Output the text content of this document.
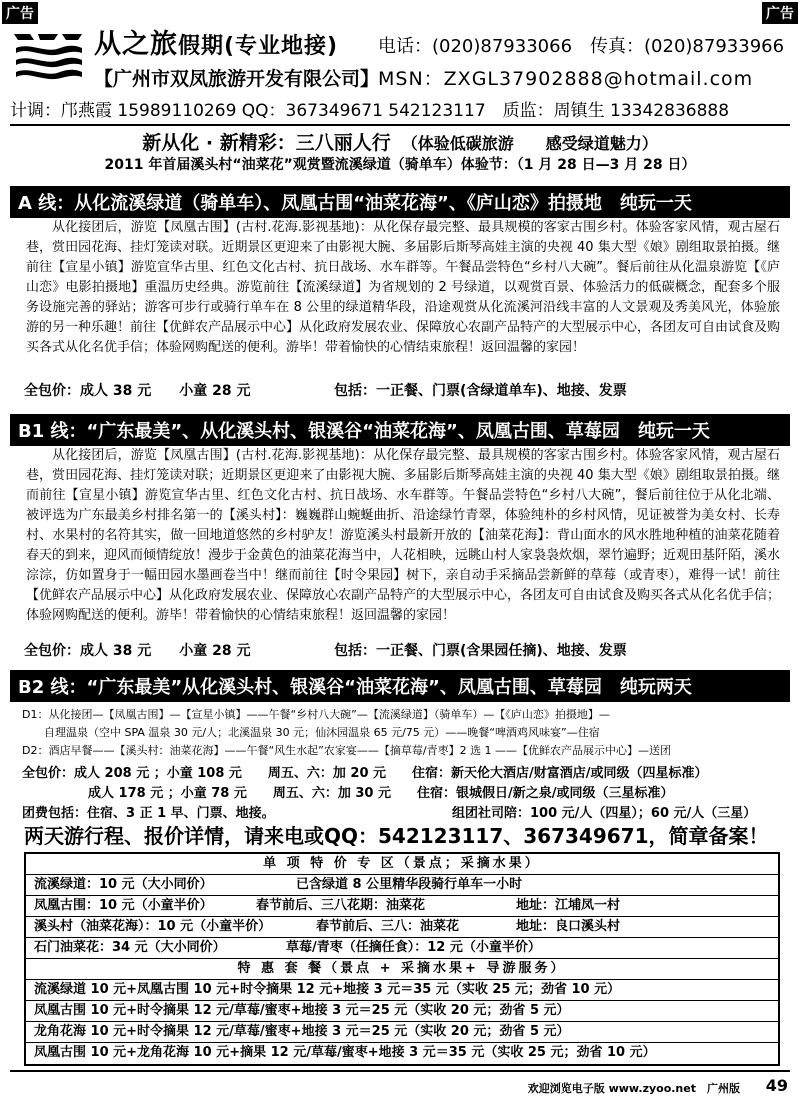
广告	广告
从之旅假期(专业地接) 电话：(020)87933066　 传真：(020)87933966
【广州市双凤旅游开发有限公司】
MSN：ZXGL37902888@hotmail.com
计调：邝燕霞 15989110269 QQ：367349671 542123117　 质监：周镇生 13342836888
新从化 · 新精彩：三八丽人行　 （体验低碳旅游　　感受绿道魅力）
2011 年首届溪头村“油菜花”观赏暨流溪绿道（骑单车）体验节：（1 月 28 日—3 月 28 日）
A 线：从化流溪绿道（骑单车）、凤凰古围“油菜花海”、《庐山恋》拍摄地　纯玩一天
从化接团后，游览【凤凰古围】(古村.花海.影视基地)：从化保存最完整、最具规模的客家古围乡村。体验客家风情，观古屋石巷，赏田园花海、挂灯笼读对联。近期景区更迎来了由影视大腕、多届影后斯琴高娃主演的央视 40 集大型《娘》剧组取景拍摄。继前往【宣星小镇】游览宣华古里、红色文化古村、抗日战场、水车群等。午餐品尝特色“乡村八大碗”。餐后前往从化温泉游览【《庐山恋》电影拍摄地】重温历史经典。游览前往【流溪绿道】为省规划的 2 号绿道，以观赏百景、体验活力的低碳概念，配套多个服务设施完善的驿站；游客可步行或骑行单车在 8 公里的绿道精华段，沿途观赏从化流溪河沿线丰富的人文景观及秀美风光，体验旅游的另一种乐趣！前往【优鲜农产品展示中心】从化政府发展农业、保障放心农副产品特产的大型展示中心，各团友可自由试食及购买各式从化名优手信；体验网购配送的便利。游毕！带着愉快的心情结束旅程！返回温馨的家园！
全包价：成人 38 元　　小童 28 元	包括：一正餐、门票(含绿道单车)、地接、发票
B1 线：“广东最美”、从化溪头村、银溪谷“油菜花海”、凤凰古围、草莓园　纯玩一天
从化接团后，游览【凤凰古围】(古村.花海.影视基地)：从化保存最完整、最具规模的客家古围乡村。体验客家风情，观古屋石巷，赏田园花海、挂灯笼读对联；近期景区更迎来了由影视大腕、多届影后斯琴高娃主演的央视 40 集大型《娘》剧组取景拍摄。继而前往【宣星小镇】游览宣华古里、红色文化古村、抗日战场、水车群等。午餐品尝特色“乡村八大碗”，餐后前往位于从化北端、被评选为广东最美乡村排名第一的【溪头村】：巍巍群山蜿蜒曲折、沿途绿竹青翠，体验纯朴的乡村风情，见证被誉为美女村、长寿村、水果村的名符其实，做一回地道悠然的乡村驴友！游览溪头村最新开放的【油菜花海】：背山面水的风水胜地种植的油菜花随着春天的到来，迎风而倾情绽放！漫步于金黄色的油菜花海当中，人花相映，远眺山村人家袅袅炊烟，翠竹遍野；近观田基阡陌，溪水淙淙，仿如置身于一幅田园水墨画卷当中！继而前往【时令果园】树下，亲自动手采摘品尝新鲜的草莓（或青枣），难得一试！前往【优鲜农产品展示中心】从化政府发展农业、保障放心农副产品特产的大型展示中心，各团友可自由试食及购买各式从化名优手信；体验网购配送的便利。游毕！带着愉快的心情结束旅程！返回温馨的家园！
全包价：成人 38 元　　小童 28 元	包括：一正餐、门票(含果园任摘)、地接、发票
B2 线：“广东最美”从化溪头村、银溪谷“油菜花海”、凤凰古围、草莓园　纯玩两天
D1：从化接团—【凤凰古围】—【宣星小镇】——午餐“乡村八大碗”—【流溪绿道】（骑单车）—【《庐山恋》拍摄地】—
自理温泉（空中 SPA 温泉 30 元/人；北溪温泉 30 元；仙沐园温泉 65 元/75 元）——晚餐“啤酒鸡风味宴”—住宿
D2：酒店早餐——【溪头村：油菜花海】——午餐“风生水起”农家宴——【摘草莓/青枣】2 选 1 ——【优鲜农产品展示中心】—送团
全包价：成人 208 元 ；小童 108 元　　周五、六：加 20 元　　住宿：新天伦大酒店/财富酒店/或同级（四星标准）
成人 178 元 ；小童 78 元　　周五、六：加 30 元　　住宿：银城假日/新之泉/或同级（三星标准）
团费包括：住宿、3 正 1 早、门票、地接。	组团社司陪：100 元/人（四星）；60 元/人（三星）
两天游行程、报价详情，请来电或QQ：542123117、367349671，简章备案！
单 项 特 价 专 区（景点；采摘水果）
流溪绿道：10 元（大小同价）	已含绿道 8 公里精华段骑行单车一小时
凤凰古围：10 元（小童半价）	春节前后、三八花期：油菜花	地址：江埔凤一村
溪头村（油菜花海）：10 元（小童半价）	春节前后、三八：油菜花	地址：良口溪头村
石门油菜花：34 元（大小同价）	草莓/青枣（任摘任食）：12 元（小童半价）
特 惠 套 餐（景点 + 采摘水果+ 导游服务）
流溪绿道 10 元+凤凰古围 10 元+时令摘果 12 元+地接 3 元＝35 元（实收 25 元；劲省 10 元）
凤凰古围 10 元+时令摘果 12 元/草莓/蜜枣+地接 3 元＝25 元（实收 20 元；劲省 5 元）
龙角花海 10 元+时令摘果 12 元/草莓/蜜枣+地接 3 元＝25 元（实收 20 元；劲省 5 元）
凤凰古围 10 元+龙角花海 10 元+摘果 12 元/草莓/蜜枣+地接 3 元＝35 元（实收 25 元；劲省 10 元）
欢迎浏览电子版 www.zyoo.net　广州版 49
